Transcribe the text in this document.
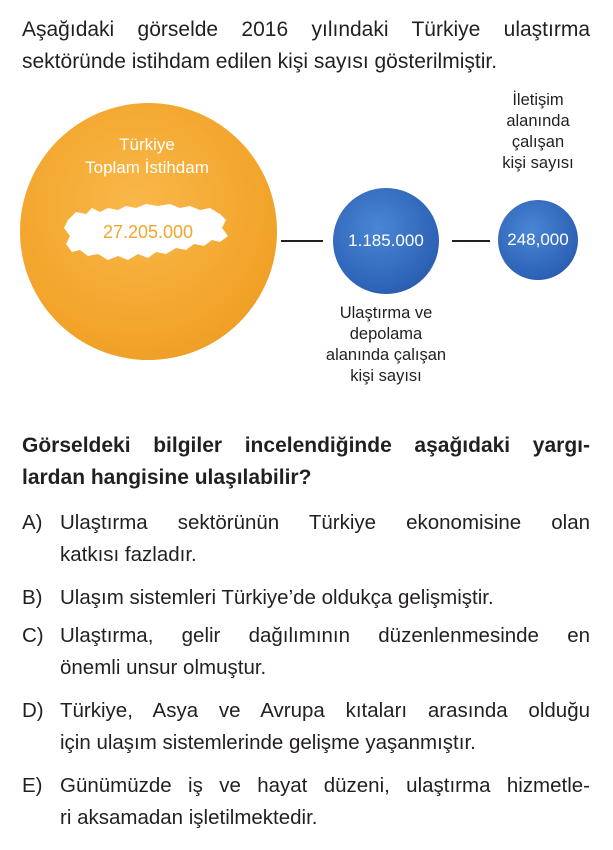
Aşağıdaki görselde 2016 yılındaki Türkiye ulaştırma
sektöründe istihdam edilen kişi sayısı gösterilmiştir.
Türkiye
Toplam İstihdam
27.205.000	1.185.000	248,000
İletişim
alanında
çalışan
kişi sayısı
Ulaştırma ve
depolama
alanında çalışan
kişi sayısı
Görseldeki bilgiler incelendiğinde aşağıdaki yargı-
lardan hangisine ulaşılabilir?
A) Ulaştırma sektörünün Türkiye ekonomisine olan
katkısı fazladır.
B) Ulaşım sistemleri Türkiye’de oldukça gelişmiştir.
C) Ulaştırma, gelir dağılımının düzenlenmesinde en
önemli unsur olmuştur.
D) Türkiye, Asya ve Avrupa kıtaları arasında olduğu
için ulaşım sistemlerinde gelişme yaşanmıştır.
E) Günümüzde iş ve hayat düzeni, ulaştırma hizmetle-
ri aksamadan işletilmektedir.
